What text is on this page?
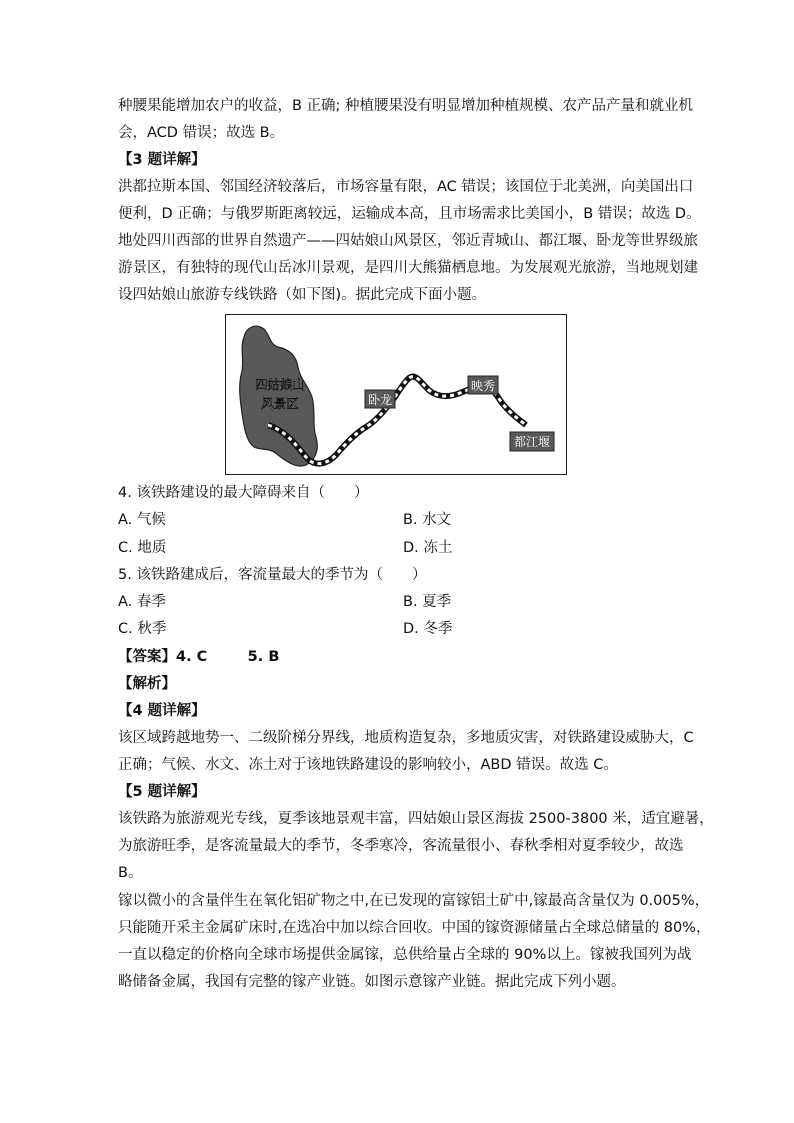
种腰果能增加农户的收益，B 正确; 种植腰果没有明显增加种植规模、农产品产量和就业机
会，ACD 错误；故选 B。
【3 题详解】
洪都拉斯本国、邻国经济较落后，市场容量有限，AC 错误；该国位于北美洲，向美国出口
便利，D 正确；与俄罗斯距离较远，运输成本高，且市场需求比美国小，B 错误；故选 D。
地处四川西部的世界自然遗产——四姑娘山风景区，邻近青城山、都江堰、卧龙等世界级旅
游景区，有独特的现代山岳冰川景观，是四川大熊猫栖息地。为发展观光旅游，当地规划建
设四姑娘山旅游专线铁路（如下图)。据此完成下面小题。
四姑娘山
风景区	卧龙
映秀
都江堰
4. 该铁路建设的最大障碍来自（　　）
A. 气候	B. 水文
C. 地质	D. 冻土
5. 该铁路建成后，客流量最大的季节为（　　）
A. 春季	B. 夏季
C. 秋季	D. 冬季
【答案】4. C        5. B
【解析】
【4 题详解】
该区域跨越地势一、二级阶梯分界线，地质构造复杂，多地质灾害，对铁路建设威胁大，C
正确；气候、水文、冻土对于该地铁路建设的影响较小，ABD 错误。故选 C。
【5 题详解】
该铁路为旅游观光专线，夏季该地景观丰富，四姑娘山景区海拔 2500-3800 米，适宜避暑，
为旅游旺季，是客流量最大的季节，冬季寒冷，客流量很小、春秋季相对夏季较少，故选
B。
镓以微小的含量伴生在氧化铝矿物之中,在已发现的富镓铝土矿中,镓最高含量仅为 0.005%，
只能随开采主金属矿床时,在选冶中加以综合回收。中国的镓资源储量占全球总储量的 80%，
一直以稳定的价格向全球市场提供金属镓，总供给量占全球的 90%以上。镓被我国列为战
略储备金属，我国有完整的镓产业链。如图示意镓产业链。据此完成下列小题。
